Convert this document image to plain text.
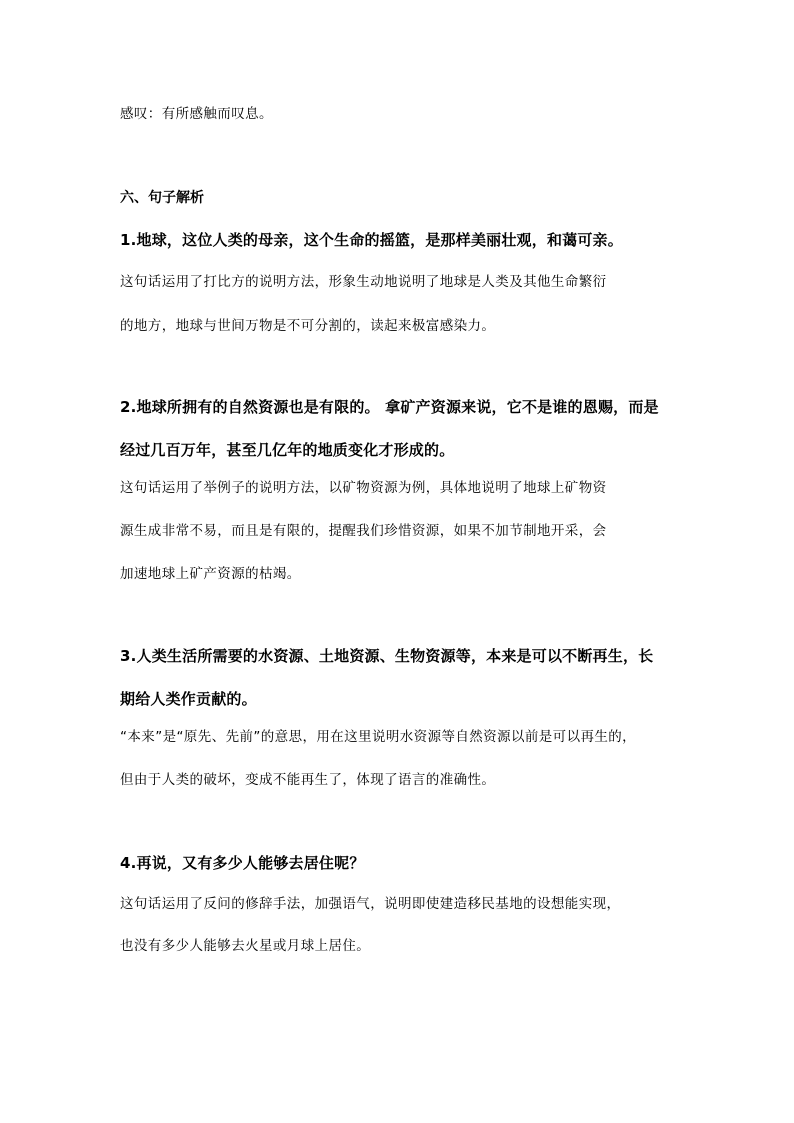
感叹：有所感触而叹息。
六、句子解析
1.地球，这位人类的母亲，这个生命的摇篮，是那样美丽壮观，和蔼可亲。
这句话运用了打比方的说明方法，形象生动地说明了地球是人类及其他生命繁衍
的地方，地球与世间万物是不可分割的，读起来极富感染力。
2.地球所拥有的自然资源也是有限的。 拿矿产资源来说，它不是谁的恩赐，而是
经过几百万年，甚至几亿年的地质变化才形成的。
这句话运用了举例子的说明方法，以矿物资源为例，具体地说明了地球上矿物资
源生成非常不易，而且是有限的，提醒我们珍惜资源，如果不加节制地开采，会
加速地球上矿产资源的枯竭。
3.人类生活所需要的水资源、土地资源、生物资源等，本来是可以不断再生，长
期给人类作贡献的。
“本来”是“原先、先前”的意思，用在这里说明水资源等自然资源以前是可以再生的，
但由于人类的破坏，变成不能再生了，体现了语言的准确性。
4.再说，又有多少人能够去居住呢？
这句话运用了反问的修辞手法，加强语气，说明即使建造移民基地的设想能实现，
也没有多少人能够去火星或月球上居住。
